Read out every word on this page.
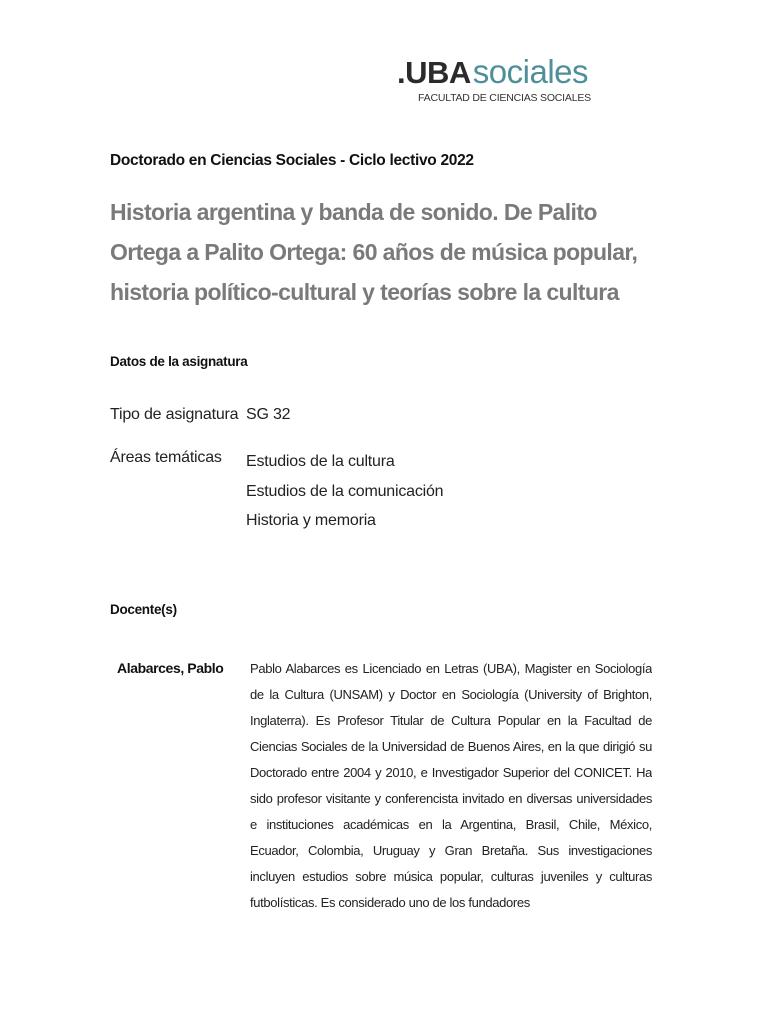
.UBAsociales
FACULTAD DE CIENCIAS SOCIALES
Doctorado en Ciencias Sociales - Ciclo lectivo 2022
Historia argentina y banda de sonido. De Palito Ortega a Palito Ortega: 60 años de música popular, historia político-cultural y teorías sobre la cultura
Datos de la asignatura
Tipo de asignatura SG 32
Áreas temáticas Estudios de la cultura
Estudios de la comunicación
Historia y memoria
Docente(s)
Alabarces, Pablo Pablo Alabarces es Licenciado en Letras (UBA), Magister en Sociología de la Cultura (UNSAM) y Doctor en Sociología (University of Brighton, Inglaterra). Es Profesor Titular de Cultura Popular en la Facultad de Ciencias Sociales de la Universidad de Buenos Aires, en la que dirigió su Doctorado entre 2004 y 2010, e Investigador Superior del CONICET. Ha sido profesor visitante y conferencista invitado en diversas universidades e instituciones académicas en la Argentina, Brasil, Chile, México, Ecuador, Colombia, Uruguay y Gran Bretaña. Sus investigaciones incluyen estudios sobre música popular, culturas juveniles y culturas futbolísticas. Es considerado uno de los fundadores
